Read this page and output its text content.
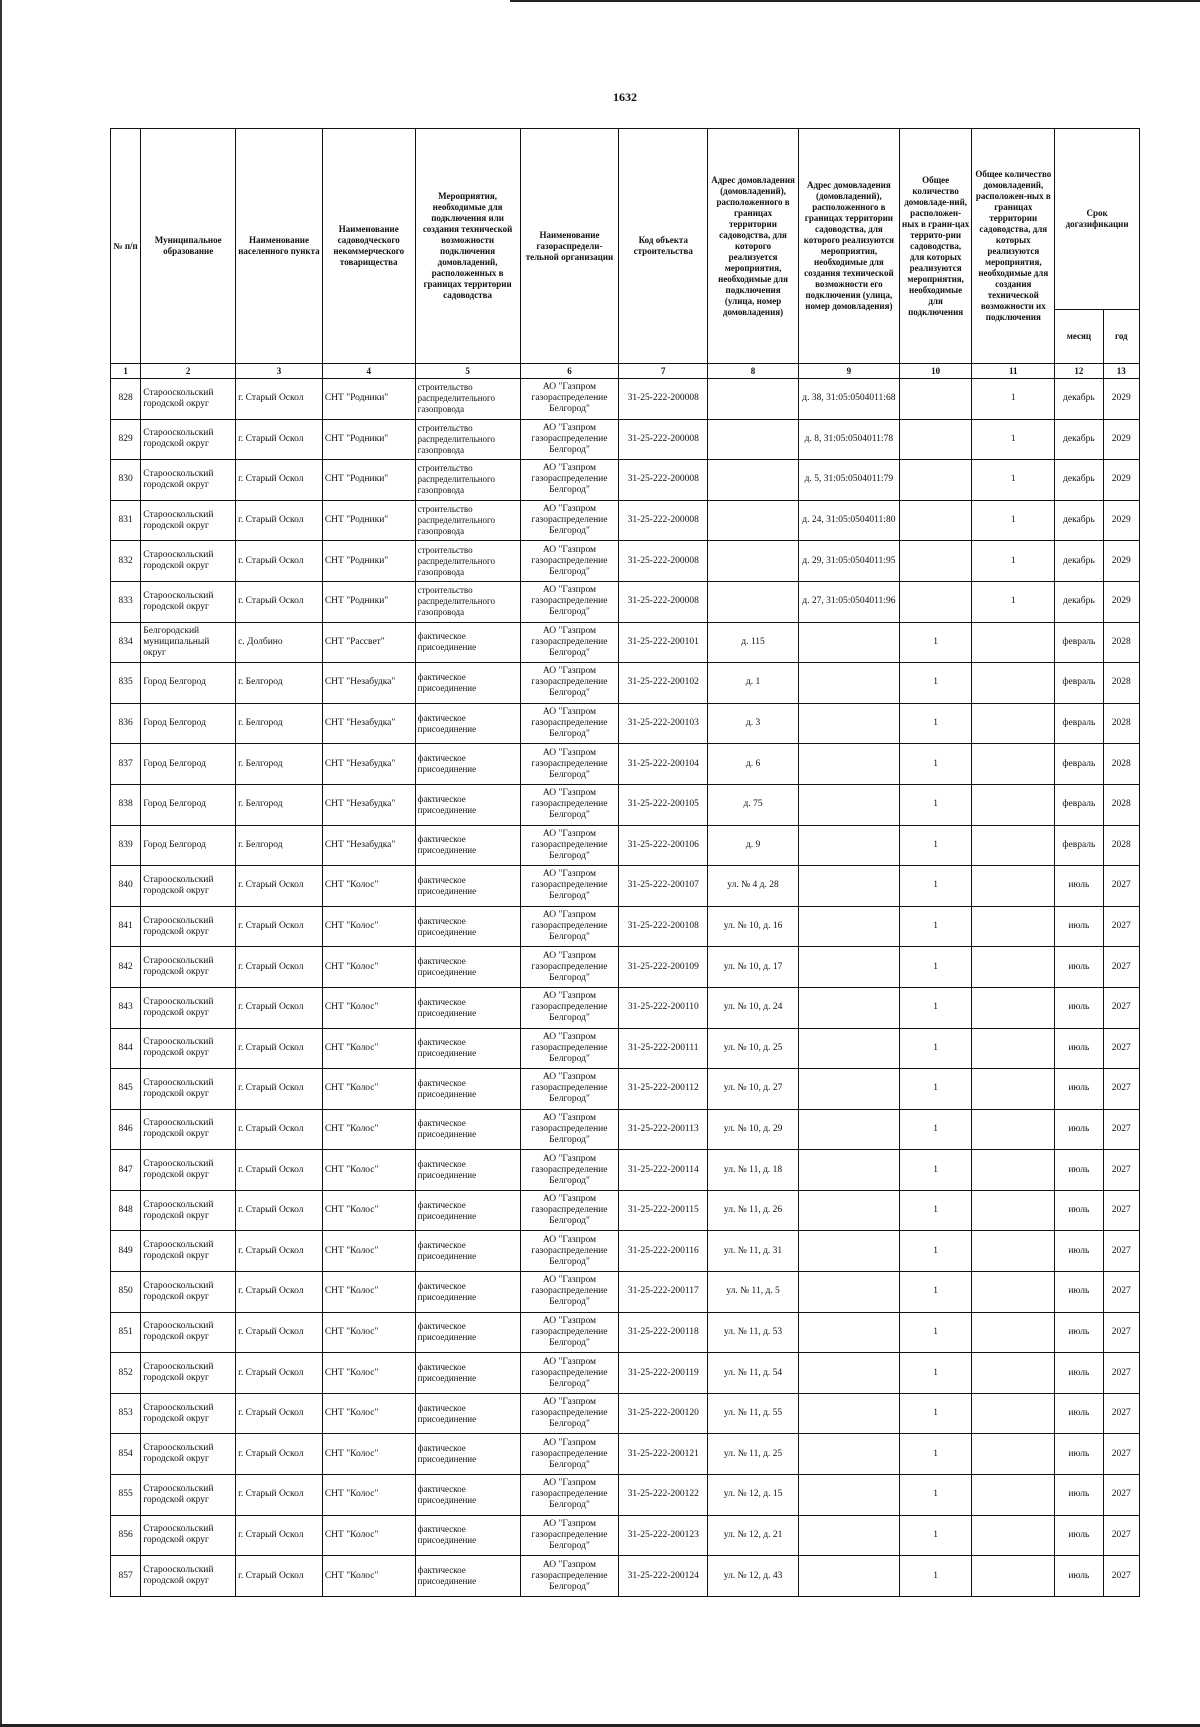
1632
№ п/п	Муниципальное образование	Наименование населенного пункта	Наименование садоводческого некоммерческого товарищества	Мероприятия, необходимые для подключения или создания технической возможности подключения домовладений, расположенных в границах территории садоводства	Наименование газораспредели-тельной организации	Код объекта строительства	Адрес домовладения (домовладений), расположенного в границах территории садоводства, для которого реализуется мероприятия, необходимые для подключения (улица, номер домовладения)	Адрес домовладения (домовладений), расположенного в границах территории садоводства, для которого реализуются мероприятия, необходимые для создания технической возможности его подключения (улица, номер домовладения)	Общее количество домовладе-ний, расположен-ных в грани-цах террито-рии садоводства, для которых реализуются мероприятия, необходимые для подключения	Общее количество домовладений, расположен-ных в границах территории садоводства, для которых реализуются мероприятия, необходимые для создания технической возможности их подключения	Срок догазификации	
											месяц	год
1	2	3	4	5	6	7	8	9	10	11	12	13
828	Старооскольский городской округ	г. Старый Оскол	СНТ "Родники"	строительство распределительного газопровода	АО "Газпром газораспределение Белгород"	31-25-222-200008		д. 38, 31:05:0504011:68		1	декабрь	2029
829	Старооскольский городской округ	г. Старый Оскол	СНТ "Родники"	строительство распределительного газопровода	АО "Газпром газораспределение Белгород"	31-25-222-200008		д. 8, 31:05:0504011:78		1	декабрь	2029
830	Старооскольский городской округ	г. Старый Оскол	СНТ "Родники"	строительство распределительного газопровода	АО "Газпром газораспределение Белгород"	31-25-222-200008		д. 5, 31:05:0504011:79		1	декабрь	2029
831	Старооскольский городской округ	г. Старый Оскол	СНТ "Родники"	строительство распределительного газопровода	АО "Газпром газораспределение Белгород"	31-25-222-200008		д. 24, 31:05:0504011:80		1	декабрь	2029
832	Старооскольский городской округ	г. Старый Оскол	СНТ "Родники"	строительство распределительного газопровода	АО "Газпром газораспределение Белгород"	31-25-222-200008		д. 29, 31:05:0504011:95		1	декабрь	2029
833	Старооскольский городской округ	г. Старый Оскол	СНТ "Родники"	строительство распределительного газопровода	АО "Газпром газораспределение Белгород"	31-25-222-200008		д. 27, 31:05:0504011:96		1	декабрь	2029
834	Белгородский муниципальный округ	с. Долбино	СНТ "Рассвет"	фактическое присоединение	АО "Газпром газораспределение Белгород"	31-25-222-200101	д. 115		1		февраль	2028
835	Город Белгород	г. Белгород	СНТ "Незабудка"	фактическое присоединение	АО "Газпром газораспределение Белгород"	31-25-222-200102	д. 1		1		февраль	2028
836	Город Белгород	г. Белгород	СНТ "Незабудка"	фактическое присоединение	АО "Газпром газораспределение Белгород"	31-25-222-200103	д. 3		1		февраль	2028
837	Город Белгород	г. Белгород	СНТ "Незабудка"	фактическое присоединение	АО "Газпром газораспределение Белгород"	31-25-222-200104	д. 6		1		февраль	2028
838	Город Белгород	г. Белгород	СНТ "Незабудка"	фактическое присоединение	АО "Газпром газораспределение Белгород"	31-25-222-200105	д. 75		1		февраль	2028
839	Город Белгород	г. Белгород	СНТ "Незабудка"	фактическое присоединение	АО "Газпром газораспределение Белгород"	31-25-222-200106	д. 9		1		февраль	2028
840	Старооскольский городской округ	г. Старый Оскол	СНТ "Колос"	фактическое присоединение	АО "Газпром газораспределение Белгород"	31-25-222-200107	ул. № 4 д. 28		1		июль	2027
841	Старооскольский городской округ	г. Старый Оскол	СНТ "Колос"	фактическое присоединение	АО "Газпром газораспределение Белгород"	31-25-222-200108	ул. № 10, д. 16		1		июль	2027
842	Старооскольский городской округ	г. Старый Оскол	СНТ "Колос"	фактическое присоединение	АО "Газпром газораспределение Белгород"	31-25-222-200109	ул. № 10, д. 17		1		июль	2027
843	Старооскольский городской округ	г. Старый Оскол	СНТ "Колос"	фактическое присоединение	АО "Газпром газораспределение Белгород"	31-25-222-200110	ул. № 10, д. 24		1		июль	2027
844	Старооскольский городской округ	г. Старый Оскол	СНТ "Колос"	фактическое присоединение	АО "Газпром газораспределение Белгород"	31-25-222-200111	ул. № 10, д. 25		1		июль	2027
845	Старооскольский городской округ	г. Старый Оскол	СНТ "Колос"	фактическое присоединение	АО "Газпром газораспределение Белгород"	31-25-222-200112	ул. № 10, д. 27		1		июль	2027
846	Старооскольский городской округ	г. Старый Оскол	СНТ "Колос"	фактическое присоединение	АО "Газпром газораспределение Белгород"	31-25-222-200113	ул. № 10, д. 29		1		июль	2027
847	Старооскольский городской округ	г. Старый Оскол	СНТ "Колос"	фактическое присоединение	АО "Газпром газораспределение Белгород"	31-25-222-200114	ул. № 11, д. 18		1		июль	2027
848	Старооскольский городской округ	г. Старый Оскол	СНТ "Колос"	фактическое присоединение	АО "Газпром газораспределение Белгород"	31-25-222-200115	ул. № 11, д. 26		1		июль	2027
849	Старооскольский городской округ	г. Старый Оскол	СНТ "Колос"	фактическое присоединение	АО "Газпром газораспределение Белгород"	31-25-222-200116	ул. № 11, д. 31		1		июль	2027
850	Старооскольский городской округ	г. Старый Оскол	СНТ "Колос"	фактическое присоединение	АО "Газпром газораспределение Белгород"	31-25-222-200117	ул. № 11, д. 5		1		июль	2027
851	Старооскольский городской округ	г. Старый Оскол	СНТ "Колос"	фактическое присоединение	АО "Газпром газораспределение Белгород"	31-25-222-200118	ул. № 11, д. 53		1		июль	2027
852	Старооскольский городской округ	г. Старый Оскол	СНТ "Колос"	фактическое присоединение	АО "Газпром газораспределение Белгород"	31-25-222-200119	ул. № 11, д. 54		1		июль	2027
853	Старооскольский городской округ	г. Старый Оскол	СНТ "Колос"	фактическое присоединение	АО "Газпром газораспределение Белгород"	31-25-222-200120	ул. № 11, д. 55		1		июль	2027
854	Старооскольский городской округ	г. Старый Оскол	СНТ "Колос"	фактическое присоединение	АО "Газпром газораспределение Белгород"	31-25-222-200121	ул. № 11, д. 25		1		июль	2027
855	Старооскольский городской округ	г. Старый Оскол	СНТ "Колос"	фактическое присоединение	АО "Газпром газораспределение Белгород"	31-25-222-200122	ул. № 12, д. 15		1		июль	2027
856	Старооскольский городской округ	г. Старый Оскол	СНТ "Колос"	фактическое присоединение	АО "Газпром газораспределение Белгород"	31-25-222-200123	ул. № 12, д. 21		1		июль	2027
857	Старооскольский городской округ	г. Старый Оскол	СНТ "Колос"	фактическое присоединение	АО "Газпром газораспределение Белгород"	31-25-222-200124	ул. № 12, д. 43		1		июль	2027
